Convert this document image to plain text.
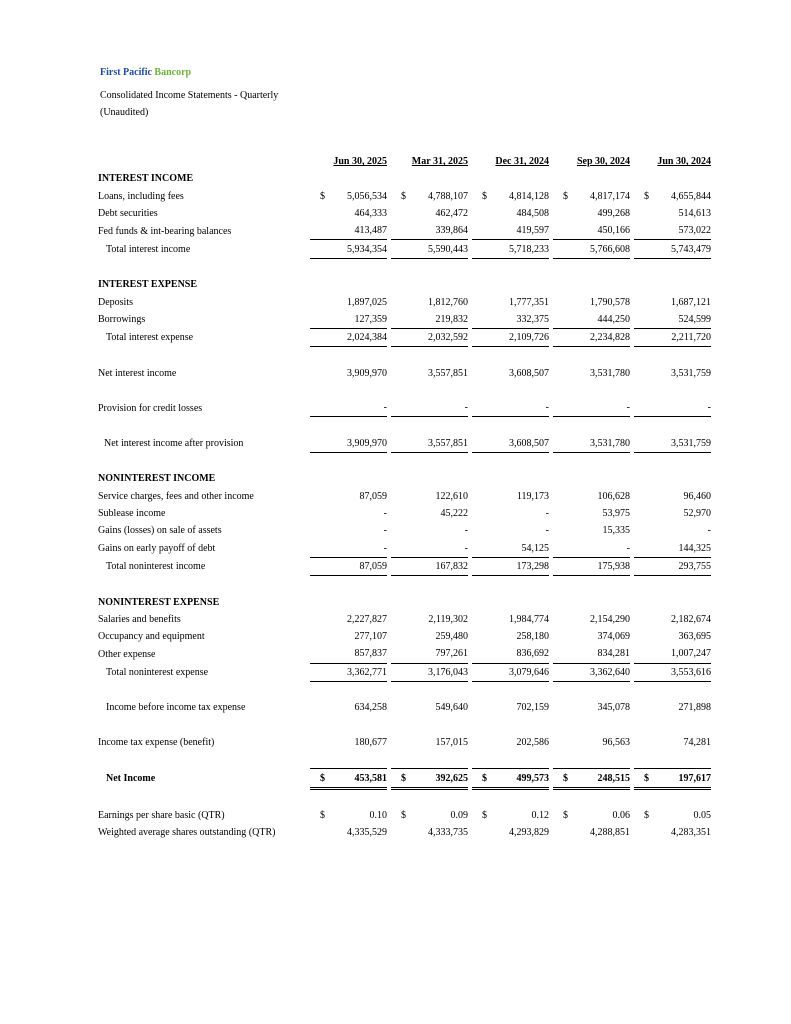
First Pacific Bancorp
Consolidated Income Statements - Quarterly
(Unaudited)
	Jun 30, 2025		Mar 31, 2025		Dec 31, 2024		Sep 30, 2024		Jun 30, 2024
INTEREST INCOME									
Loans, including fees	$ 5,056,534		$ 4,788,107		$ 4,814,128		$ 4,817,174		$ 4,655,844
Debt securities	464,333		462,472		484,508		499,268		514,613
Fed funds & int-bearing balances	413,487		339,864		419,597		450,166		573,022
Total interest income	5,934,354		5,590,443		5,718,233		5,766,608		5,743,479

INTEREST EXPENSE									
Deposits	1,897,025		1,812,760		1,777,351		1,790,578		1,687,121
Borrowings	127,359		219,832		332,375		444,250		524,599
Total interest expense	2,024,384		2,032,592		2,109,726		2,234,828		2,211,720

Net interest income	3,909,970		3,557,851		3,608,507		3,531,780		3,531,759

Provision for credit losses	-		-		-		-		-

Net interest income after provision	3,909,970		3,557,851		3,608,507		3,531,780		3,531,759

NONINTEREST INCOME									
Service charges, fees and other income	87,059		122,610		119,173		106,628		96,460
Sublease income	-		45,222		-		53,975		52,970
Gains (losses) on sale of assets	-		-		-		15,335		-
Gains on early payoff of debt	-		-		54,125		-		144,325
Total noninterest income	87,059		167,832		173,298		175,938		293,755

NONINTEREST EXPENSE									
Salaries and benefits	2,227,827		2,119,302		1,984,774		2,154,290		2,182,674
Occupancy and equipment	277,107		259,480		258,180		374,069		363,695
Other expense	857,837		797,261		836,692		834,281		1,007,247
Total noninterest expense	3,362,771		3,176,043		3,079,646		3,362,640		3,553,616

Income before income tax expense	634,258		549,640		702,159		345,078		271,898

Income tax expense (benefit)	180,677		157,015		202,586		96,563		74,281

Net Income	$ 453,581		$ 392,625		$ 499,573		$ 248,515		$ 197,617

Earnings per share basic (QTR)	$ 0.10		$ 0.09		$ 0.12		$ 0.06		$ 0.05
Weighted average shares outstanding (QTR)	4,335,529		4,333,735		4,293,829		4,288,851		4,283,351
